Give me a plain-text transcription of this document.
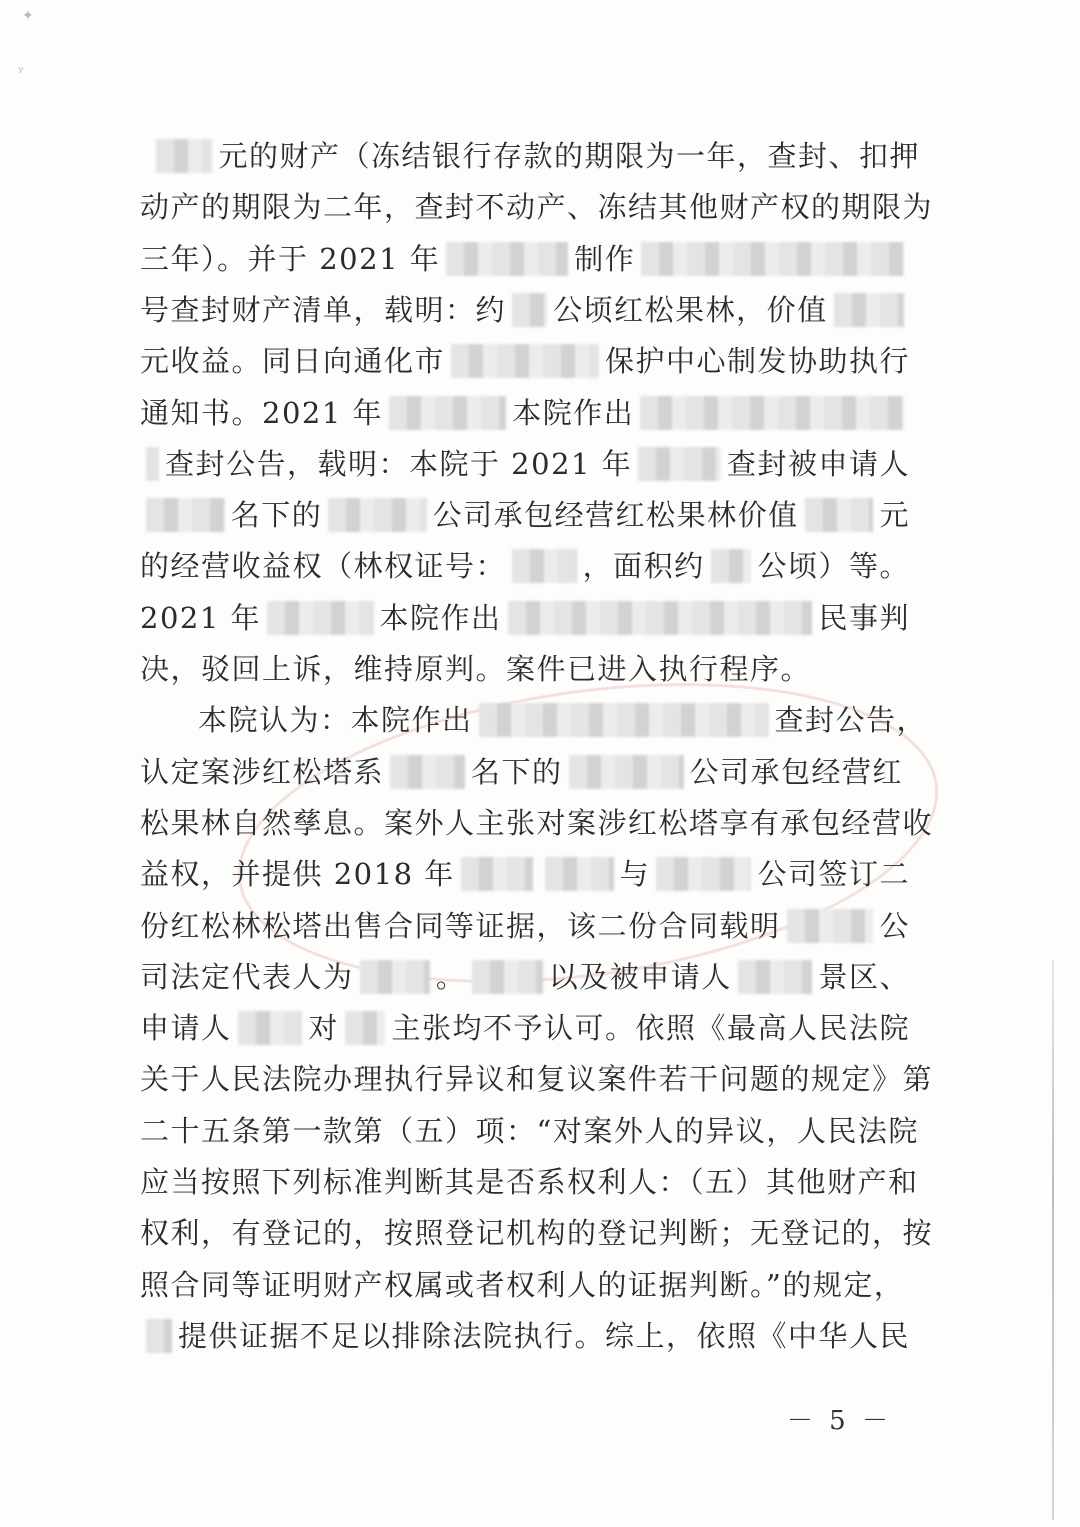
✦
ᵞ
元的财产（冻结银行存款的期限为一年，查封、扣押
动产的期限为二年，查封不动产、冻结其他财产权的期限为
三年）。并于 2021 年	制作
号查封财产清单，载明：约 公顷红松果林，价值
元收益。同日向通化市	保护中心制发协助执行
通知书。2021 年	本院作出
查封公告，载明：本院于 2021 年	查封被申请人
名下的	公司承包经营红松果林价值	元
的经营收益权（林权证号：	，面积约 公顷）等。
2021 年	本院作出	民事判
决，驳回上诉，维持原判。案件已进入执行程序。
本院认为：本院作出	查封公告，
认定案涉红松塔系	名下的	公司承包经营红
松果林自然孳息。案外人主张对案涉红松塔享有承包经营收
益权，并提供 2018 年	与	公司签订二
份红松林松塔出售合同等证据，该二份合同载明	公
司法定代表人为	。	以及被申请人	景区、
申请人	对 主张均不予认可。依照《最高人民法院
关于人民法院办理执行异议和复议案件若干问题的规定》第
二十五条第一款第（五）项：“对案外人的异议，人民法院
应当按照下列标准判断其是否系权利人：（五）其他财产和
权利，有登记的，按照登记机构的登记判断；无登记的，按
照合同等证明财产权属或者权利人的证据判断。”的规定，
提供证据不足以排除法院执行。综上，依照《中华人民
－ 5 －
